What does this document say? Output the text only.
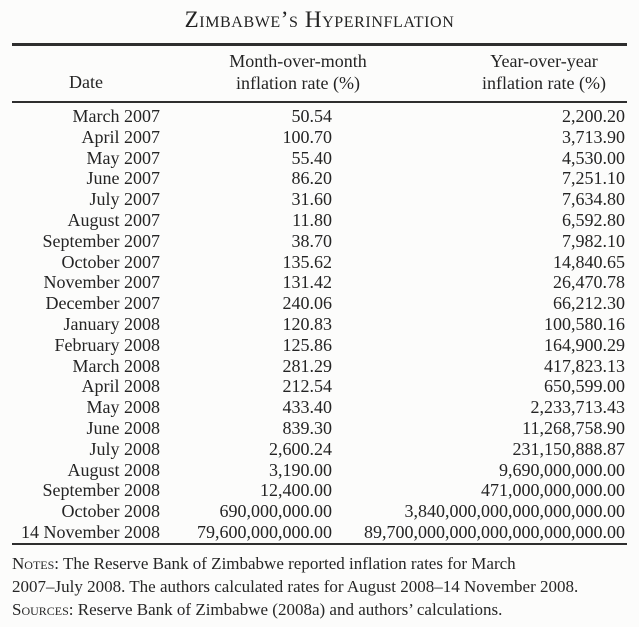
Zimbabwe’s Hyperinflation
Date
Month-over-month
inflation rate (%)
Year-over-year
inflation rate (%)
March 2007	50.54	2,200.20
April 2007	100.70	3,713.90
May 2007	55.40	4,530.00
June 2007	86.20	7,251.10
July 2007	31.60	7,634.80
August 2007	11.80	6,592.80
September 2007	38.70	7,982.10
October 2007	135.62	14,840.65
November 2007	131.42	26,470.78
December 2007	240.06	66,212.30
January 2008	120.83	100,580.16
February 2008	125.86	164,900.29
March 2008	281.29	417,823.13
April 2008	212.54	650,599.00
May 2008	433.40	2,233,713.43
June 2008	839.30	11,268,758.90
July 2008	2,600.24	231,150,888.87
August 2008	3,190.00	9,690,000,000.00
September 2008	12,400.00	471,000,000,000.00
October 2008	690,000,000.00	3,840,000,000,000,000,000.00
14 November 2008	79,600,000,000.00	89,700,000,000,000,000,000,000.00
Notes: The Reserve Bank of Zimbabwe reported inflation rates for March
2007–July 2008. The authors calculated rates for August 2008–14 November 2008.
Sources: Reserve Bank of Zimbabwe (2008a) and authors’ calculations.
